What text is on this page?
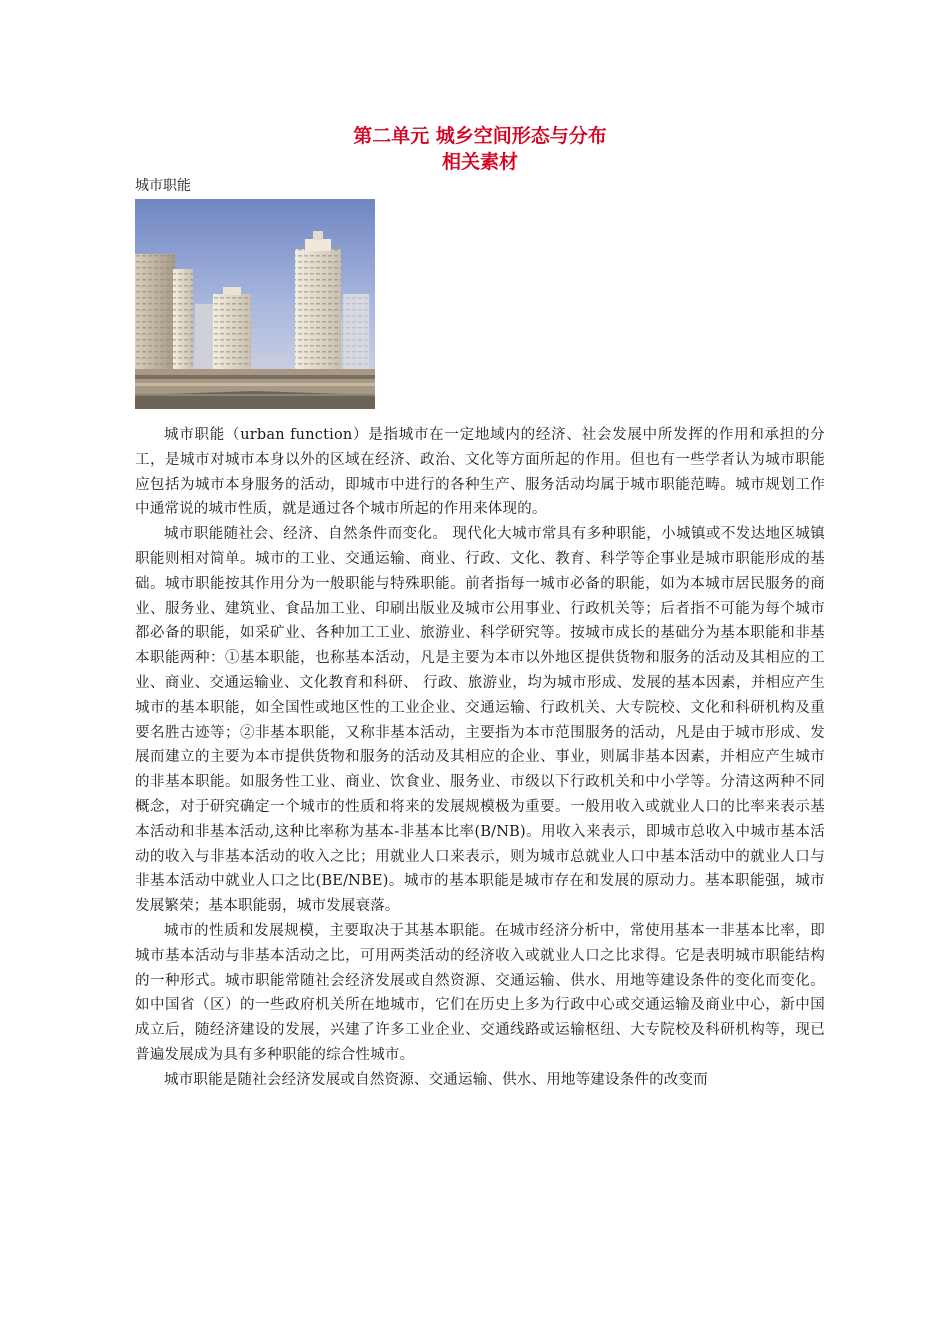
第二单元 城乡空间形态与分布
相关素材

城市职能

城市职能（urban function）是指城市在一定地域内的经济、社会发展中所发挥的作用和承担的分工，是城市对城市本身以外的区域在经济、政治、文化等方面所起的作用。但也有一些学者认为城市职能应包括为城市本身服务的活动，即城市中进行的各种生产、服务活动均属于城市职能范畴。城市规划工作中通常说的城市性质，就是通过各个城市所起的作用来体现的。

城市职能随社会、经济、自然条件而变化。 现代化大城市常具有多种职能，小城镇或不发达地区城镇职能则相对简单。城市的工业、交通运输、商业、行政、文化、教育、科学等企事业是城市职能形成的基础。城市职能按其作用分为一般职能与特殊职能。前者指每一城市必备的职能，如为本城市居民服务的商业、服务业、建筑业、食品加工业、印刷出版业及城市公用事业、行政机关等；后者指不可能为每个城市都必备的职能，如采矿业、各种加工工业、旅游业、科学研究等。按城市成长的基础分为基本职能和非基本职能两种：①基本职能，也称基本活动，凡是主要为本市以外地区提供货物和服务的活动及其相应的工业、商业、交通运输业、文化教育和科研、 行政、旅游业，均为城市形成、发展的基本因素，并相应产生城市的基本职能，如全国性或地区性的工业企业、交通运输、行政机关、大专院校、文化和科研机构及重要名胜古迹等；②非基本职能，又称非基本活动，主要指为本市范围服务的活动，凡是由于城市形成、发展而建立的主要为本市提供货物和服务的活动及其相应的企业、事业，则属非基本因素，并相应产生城市的非基本职能。如服务性工业、商业、饮食业、服务业、市级以下行政机关和中小学等。分清这两种不同概念，对于研究确定一个城市的性质和将来的发展规模极为重要。一般用收入或就业人口的比率来表示基本活动和非基本活动,这种比率称为基本-非基本比率(B/NB)。用收入来表示，即城市总收入中城市基本活动的收入与非基本活动的收入之比；用就业人口来表示，则为城市总就业人口中基本活动中的就业人口与非基本活动中就业人口之比(BE/NBE)。城市的基本职能是城市存在和发展的原动力。基本职能强，城市发展繁荣；基本职能弱，城市发展衰落。

城市的性质和发展规模，主要取决于其基本职能。在城市经济分析中，常使用基本一非基本比率，即城市基本活动与非基本活动之比，可用两类活动的经济收入或就业人口之比求得。它是表明城市职能结构的一种形式。城市职能常随社会经济发展或自然资源、交通运输、供水、用地等建设条件的变化而变化。如中国省（区）的一些政府机关所在地城市，它们在历史上多为行政中心或交通运输及商业中心，新中国成立后，随经济建设的发展，兴建了许多工业企业、交通线路或运输枢纽、大专院校及科研机构等，现已普遍发展成为具有多种职能的综合性城市。

城市职能是随社会经济发展或自然资源、交通运输、供水、用地等建设条件的改变而
